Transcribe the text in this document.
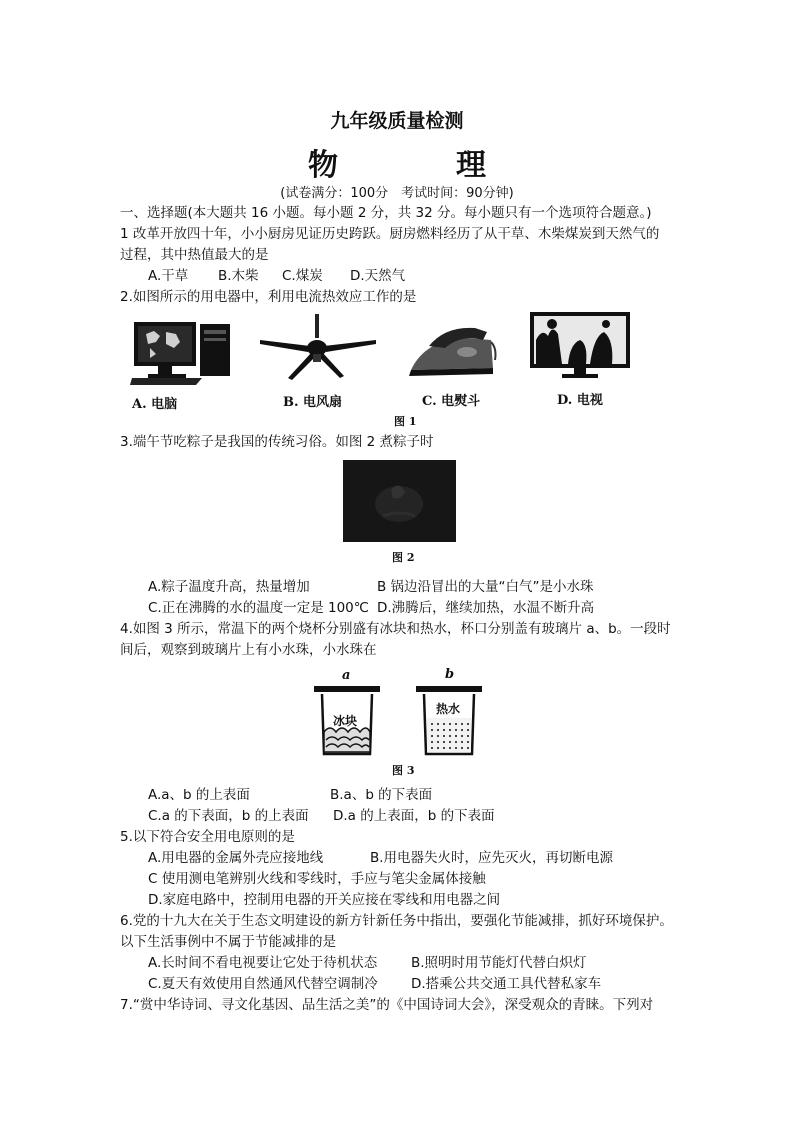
九年级质量检测
物　理
(试卷满分：100分　考试时间：90分钟)
一、选择题(本大题共 16 小题。每小题 2 分，共 32 分。每小题只有一个选项符合题意。)
1 改革开放四十年，小小厨房见证历史跨跃。厨房燃料经历了从干草、木柴煤炭到天然气的
过程，其中热值最大的是
A.干草 B.木柴 C.煤炭 D.天然气
2.如图所示的用电器中，利用电流热效应工作的是
A. 电脑	B. 电风扇	C. 电熨斗	D. 电视
图 1
3.端午节吃粽子是我国的传统习俗。如图 2 煮粽子时
图 2
A.粽子温度升高，热量增加	B 锅边沿冒出的大量“白气”是小水珠
C.正在沸腾的水的温度一定是 100℃ D.沸腾后，继续加热，水温不断升高
4.如图 3 所示，常温下的两个烧杯分别盛有冰块和热水，杯口分别盖有玻璃片 a、b。一段时
间后，观察到玻璃片上有小水珠，小水珠在
a	b
冰块
热水
图 3
A.a、b 的上表面	B.a、b 的下表面
C.a 的下表面，b 的上表面 D.a 的上表面，b 的下表面
5.以下符合安全用电原则的是
A.用电器的金属外壳应接地线	B.用电器失火时，应先灭火，再切断电源
C 使用测电笔辨别火线和零线时，手应与笔尖金属体接触
D.家庭电路中，控制用电器的开关应接在零线和用电器之间
6.党的十九大在关于生态文明建设的新方针新任务中指出，要强化节能减排，抓好环境保护。
以下生活事例中不属于节能减排的是
A.长时间不看电视要让它处于待机状态 B.照明时用节能灯代替白炽灯
C.夏天有效使用自然通风代替空调制冷 D.搭乘公共交通工具代替私家车
7.“赏中华诗词、寻文化基因、品生活之美”的《中国诗词大会》，深受观众的青睐。下列对
